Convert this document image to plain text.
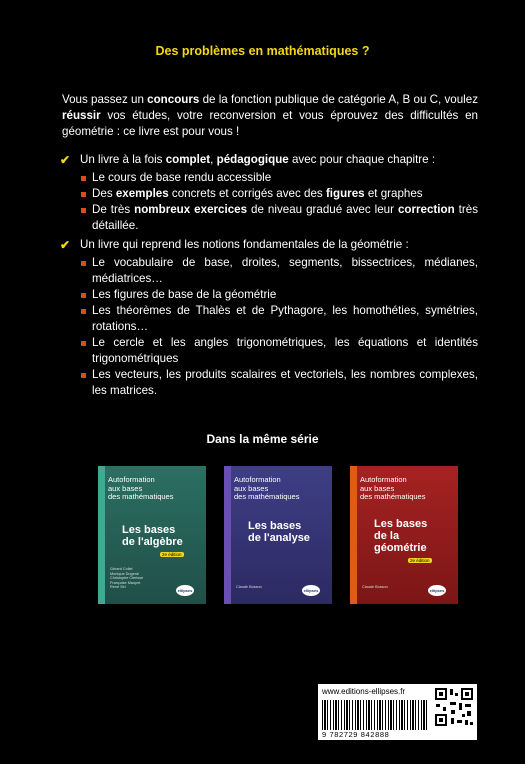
Des problèmes en mathématiques ?
Vous passez un concours de la fonction publique de catégorie A, B ou C, voulez réussir vos études, votre reconversion et vous éprouvez des difficultés en géométrie : ce livre est pour vous !
✔ Un livre à la fois complet, pédagogique avec pour chaque chapitre :
Le cours de base rendu accessible
Des exemples concrets et corrigés avec des figures et graphes
De très nombreux exercices de niveau gradué avec leur correction très détaillée.
✔ Un livre qui reprend les notions fondamentales de la géométrie :
Le vocabulaire de base, droites, segments, bissectrices, médianes, médiatrices…
Les figures de base de la géométrie
Les théorèmes de Thalès et de Pythagore, les homothéties, symétries, rotations…
Le cercle et les angles trigonométriques, les équations et identités trigonométriques
Les vecteurs, les produits scalaires et vectoriels, les nombres complexes, les matrices.
Dans la même série
Autoformation
aux bases
des mathématiques
Les bases
de l'algèbre
2e édition
Gérard Collet
Monique Dugené
Christophe Clerisse
Françoise Maupet
René Siri
ellipses
Autoformation
aux bases
des mathématiques
Les bases
de l'analyse
Claude Bosson
ellipses
Autoformation
aux bases
des mathématiques
Les bases
de la
géométrie
2e édition
Claude Bosson
ellipses
www.editions-ellipses.fr
9 782729 842888
